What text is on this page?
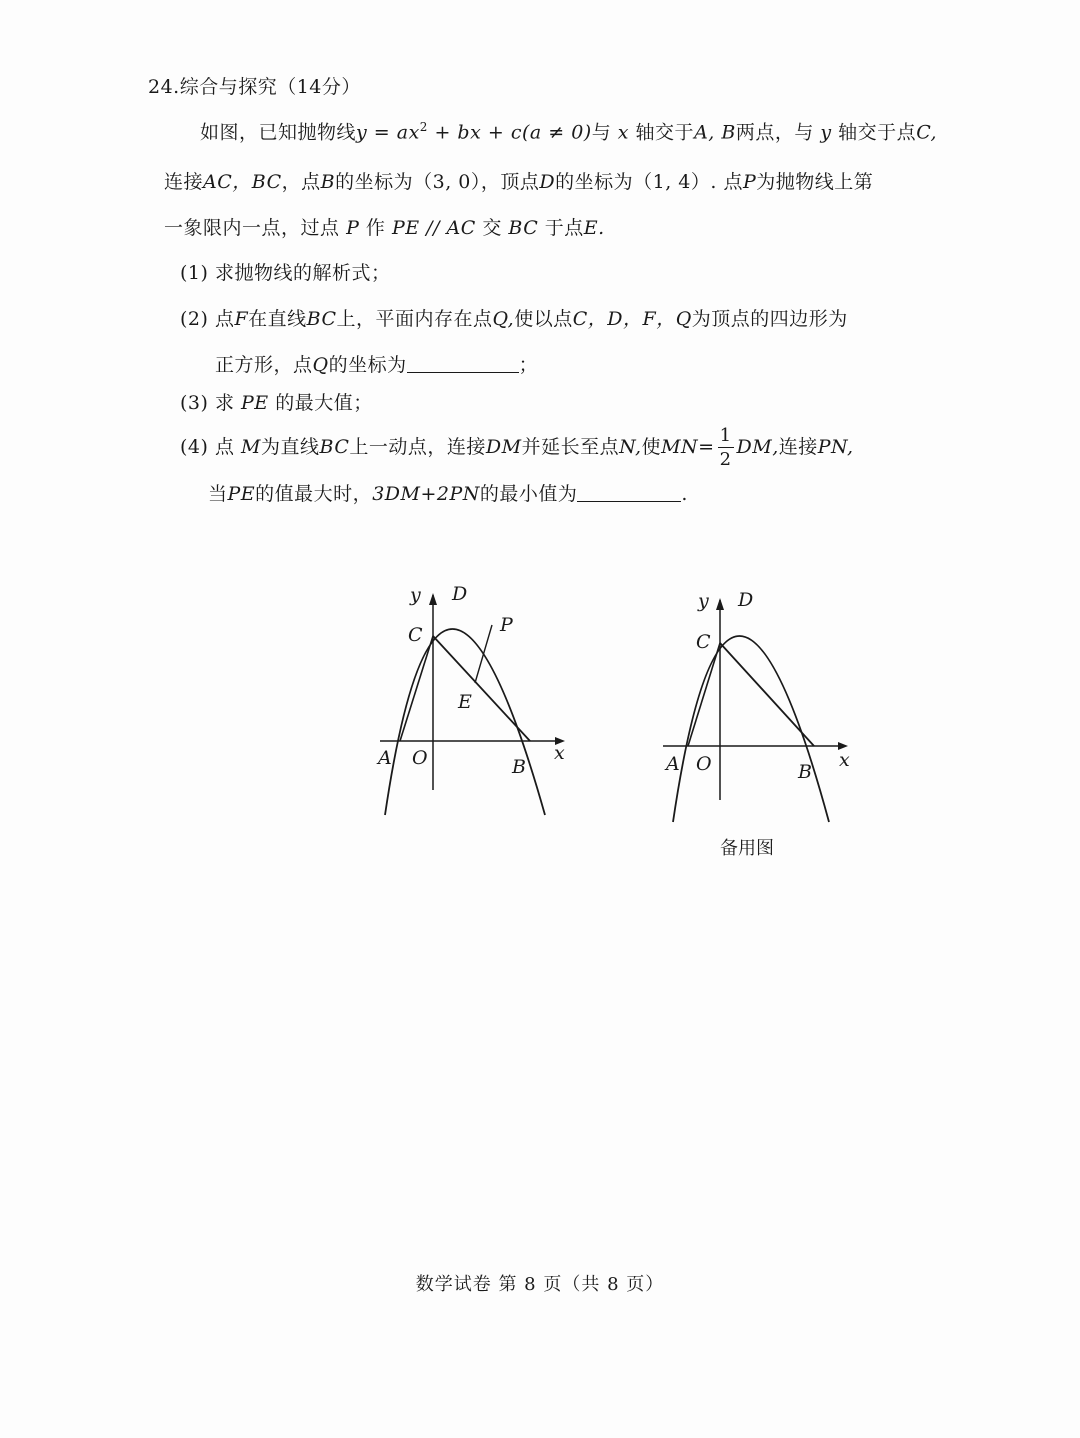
24.综合与探究（14分）
如图，已知抛物线$y = ax^2$ + bx + c(a ≠ 0)与 x 轴交于A, B两点，与 y 轴交于点C,
连接AC，BC，点B的坐标为（3, 0），顶点D的坐标为（1, 4）. 点P为抛物线上第
一象限内一点，过点 P 作 PE // AC 交 BC 于点E.
(1) 求抛物线的解析式；
(2) 点F在直线BC上，平面内存在点Q,使以点C，D，F，Q为顶点的四边形为
正方形，点Q的坐标为	；
(3) 求 PE 的最大值；
(4) 点 M为直线BC上一动点，连接DM并延长至点N,使$MN= \frac{1}{2}$ DM,连接PN,
当PE的值最大时，3DM+2PN的最小值为	.
y D
P
C
E
A O	B
x
y D
C
A O	B
x
备用图
数学试卷 第 8 页（共 8 页）
